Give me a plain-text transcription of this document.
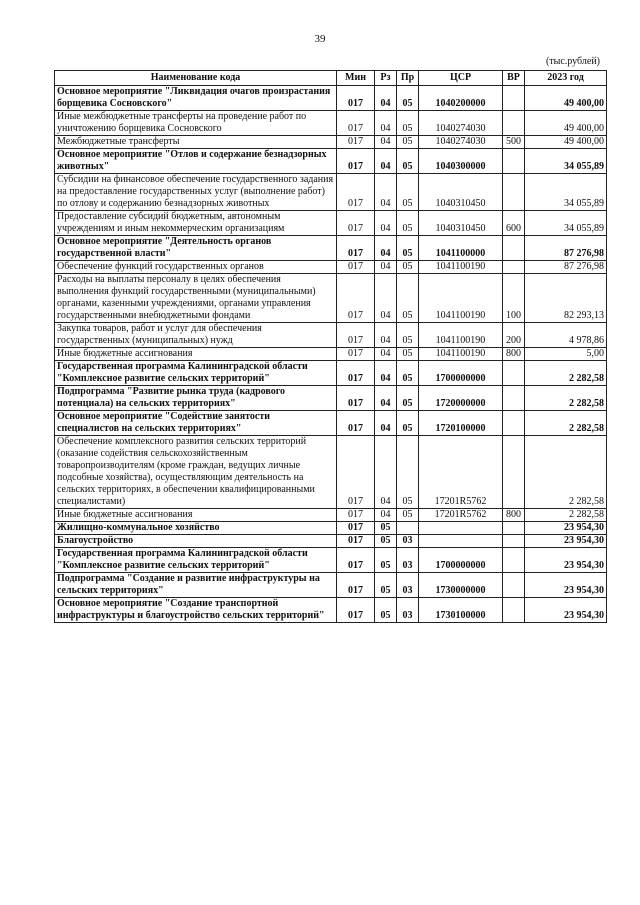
39
(тыс.рублей)
Наименование кода	Мин	Рз	Пр	ЦСР	ВР	2023 год
Основное мероприятие "Ликвидация очагов произрастания борщевика Сосновского"	017	04	05	1040200000		49 400,00
Иные межбюджетные трансферты на проведение работ по уничтожению борщевика Сосновского	017	04	05	1040274030		49 400,00
Межбюджетные трансферты	017	04	05	1040274030	500	49 400,00
Основное мероприятие "Отлов и содержание безнадзорных животных"	017	04	05	1040300000		34 055,89
Субсидии на финансовое обеспечение государственного задания на предоставление государственных услуг (выполнение работ) по отлову и содержанию безнадзорных животных	017	04	05	1040310450		34 055,89
Предоставление субсидий бюджетным, автономным учреждениям и иным некоммерческим организациям	017	04	05	1040310450	600	34 055,89
Основное мероприятие "Деятельность органов государственной власти"	017	04	05	1041100000		87 276,98
Обеспечение функций государственных органов	017	04	05	1041100190		87 276,98
Расходы на выплаты персоналу в целях обеспечения выполнения функций государственными (муниципальными) органами, казенными учреждениями, органами управления государственными внебюджетными фондами	017	04	05	1041100190	100	82 293,13
Закупка товаров, работ и услуг для обеспечения государственных (муниципальных) нужд	017	04	05	1041100190	200	4 978,86
Иные бюджетные ассигнования	017	04	05	1041100190	800	5,00
Государственная программа Калининградской области "Комплексное развитие сельских территорий"	017	04	05	1700000000		2 282,58
Подпрограмма "Развитие рынка труда (кадрового потенциала) на сельских территориях"	017	04	05	1720000000		2 282,58
Основное мероприятие "Содействие занятости специалистов на сельских территориях"	017	04	05	1720100000		2 282,58
Обеспечение комплексного развития сельских территорий (оказание содействия сельскохозяйственным товаропроизводителям (кроме граждан, ведущих личные подсобные хозяйства), осуществляющим деятельность на сельских территориях, в обеспечении квалифицированными специалистами)	017	04	05	17201R5762		2 282,58
Иные бюджетные ассигнования	017	04	05	17201R5762	800	2 282,58
Жилищно-коммунальное хозяйство	017	05				23 954,30
Благоустройство	017	05	03			23 954,30
Государственная программа Калининградской области "Комплексное развитие сельских территорий"	017	05	03	1700000000		23 954,30
Подпрограмма "Создание и развитие инфраструктуры на сельских территориях"	017	05	03	1730000000		23 954,30
Основное мероприятие "Создание транспортной инфраструктуры и благоустройство сельских территорий"	017	05	03	1730100000		23 954,30
